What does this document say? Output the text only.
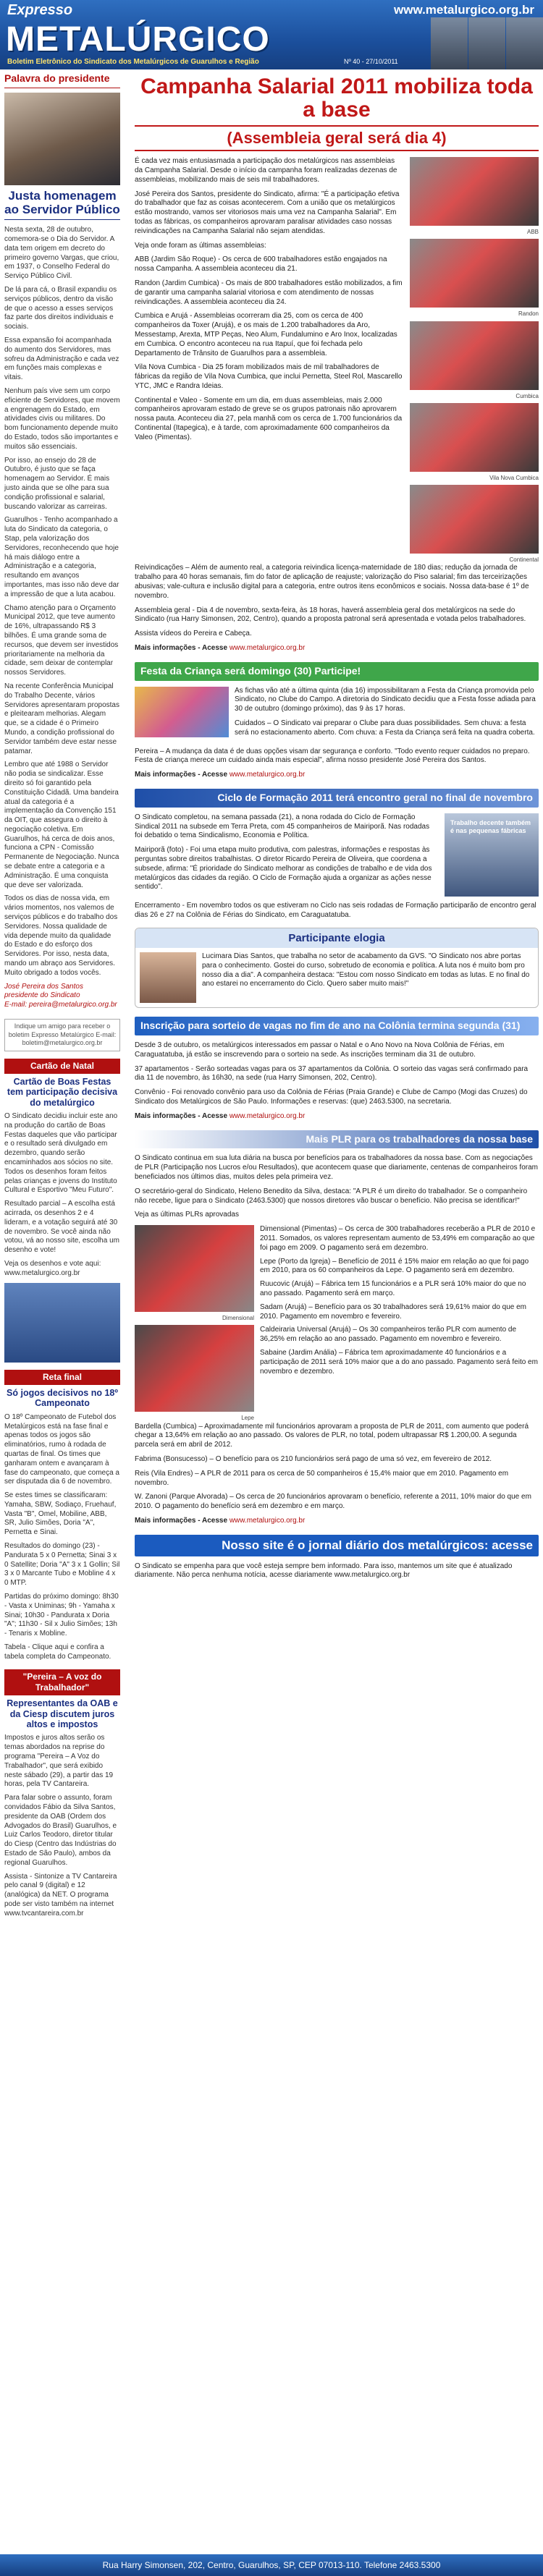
Expresso	www.metalurgico.org.br
METALÚRGICO
Boletim Eletrônico do Sindicato dos Metalúrgicos de Guarulhos e Região	Nº 40 - 27/10/2011
Palavra do presidente
Justa homenagem ao Servidor Público

Nesta sexta, 28 de outubro, comemora-se o Dia do Servidor. A data tem origem em decreto do primeiro governo Vargas, que criou, em 1937, o Conselho Federal do Serviço Público Civil.

De lá para cá, o Brasil expandiu os serviços públicos, dentro da visão de que o acesso a esses serviços faz parte dos direitos individuais e sociais.

Essa expansão foi acompanhada do aumento dos Servidores, mas sofreu da Administração e cada vez em funções mais complexas e vitais.

Nenhum país vive sem um corpo eficiente de Servidores, que movem a engrenagem do Estado, em atividades civis ou militares. Do bom funcionamento depende muito do Estado, todos são importantes e muitos são essenciais.

Por isso, ao ensejo do 28 de Outubro, é justo que se faça homenagem ao Servidor. É mais justo ainda que se olhe para sua condição profissional e salarial, buscando valorizar as carreiras.

Guarulhos - Tenho acompanhado a luta do Sindicato da categoria, o Stap, pela valorização dos Servidores, reconhecendo que hoje há mais diálogo entre a Administração e a categoria, resultando em avanços importantes, mas isso não deve dar a impressão de que a luta acabou.

Chamo atenção para o Orçamento Municipal 2012, que teve aumento de 16%, ultrapassando R$ 3 bilhões. É uma grande soma de recursos, que devem ser investidos prioritariamente na melhoria da cidade, sem deixar de contemplar nossos Servidores.

Na recente Conferência Municipal do Trabalho Decente, vários Servidores apresentaram propostas e pleitearam melhorias. Alegam que, se a cidade é o Primeiro Mundo, a condição profissional do Servidor também deve estar nesse patamar.

Lembro que até 1988 o Servidor não podia se sindicalizar. Esse direito só foi garantido pela Constituição Cidadã. Uma bandeira atual da categoria é a implementação da Convenção 151 da OIT, que assegura o direito à negociação coletiva. Em Guarulhos, há cerca de dois anos, funciona a CPN - Comissão Permanente de Negociação. Nunca se debate entre a categoria e a Administração. É uma conquista que deve ser valorizada.

Todos os dias de nossa vida, em vários momentos, nos valemos de serviços públicos e do trabalho dos Servidores. Nossa qualidade de vida depende muito da qualidade do Estado e do esforço dos Servidores. Por isso, nesta data, mando um abraço aos Servidores. Muito obrigado a todos vocês.

José Pereira dos Santos
presidente do Sindicato
E-mail: pereira@metalurgico.org.br
Indique um amigo para receber o boletim Expresso Metalúrgico E-mail: boletim@metalurgico.org.br
Cartão de Natal
Cartão de Boas Festas tem participação decisiva do metalúrgico

O Sindicato decidiu incluir este ano na produção do cartão de Boas Festas daqueles que vão participar e o resultado será divulgado em dezembro, quando serão encaminhados aos sócios no site. Todos os desenhos foram feitos pelas crianças e jovens do Instituto Cultural e Esportivo "Meu Futuro".

Resultado parcial – A escolha está acirrada, os desenhos 2 e 4 lideram, e a votação seguirá até 30 de novembro. Se você ainda não votou, vá ao nosso site, escolha um desenho e vote!

Veja os desenhos e vote aqui: www.metalurgico.org.br

Reta final
Só jogos decisivos no 18º Campeonato

O 18º Campeonato de Futebol dos Metalúrgicos está na fase final e apenas todos os jogos são eliminatórios, rumo à rodada de quartas de final. Os times que ganharam ontem e avançaram à fase do campeonato, que começa a ser disputada dia 6 de novembro.

Se estes times se classificaram: Yamaha, SBW, Sodiaço, Fruehauf, Vasta "B", Omel, Mobiline, ABB, SR, Julio Simões, Doria "A", Pernetta e Sinai.

Resultados do domingo (23) - Pandurata 5 x 0 Pernetta; Sinai 3 x 0 Satellite; Doria "A" 3 x 1 Gollin; Sil 3 x 0 Marcante Tubo e Mobline 4 x 0 MTP.

Partidas do próximo domingo: 8h30 - Vasta x Uniminas; 9h - Yamaha x Sinai; 10h30 - Pandurata x Doria "A"; 11h30 - Sil x Julio Simões; 13h - Tenaris x Mobline.

Tabela - Clique aqui e confira a tabela completa do Campeonato.

"Pereira – A voz do Trabalhador"
Representantes da OAB e da Ciesp discutem juros altos e impostos

Impostos e juros altos serão os temas abordados na reprise do programa "Pereira – A Voz do Trabalhador", que será exibido neste sábado (29), a partir das 19 horas, pela TV Cantareira.

Para falar sobre o assunto, foram convidados Fábio da Silva Santos, presidente da OAB (Ordem dos Advogados do Brasil) Guarulhos, e Luiz Carlos Teodoro, diretor titular do Ciesp (Centro das Indústrias do Estado de São Paulo), ambos da regional Guarulhos.

Assista - Sintonize a TV Cantareira pelo canal 9 (digital) e 12 (analógica) da NET. O programa pode ser visto também na internet www.tvcantareira.com.br

Campanha Salarial 2011 mobiliza toda a base
(Assembleia geral será dia 4)

É cada vez mais entusiasmada a participação dos metalúrgicos nas assembleias da Campanha Salarial. Desde o início da campanha foram realizadas dezenas de assembleias, mobilizando mais de seis mil trabalhadores.

José Pereira dos Santos, presidente do Sindicato, afirma: "É a participação efetiva do trabalhador que faz as coisas acontecerem. Com a união que os metalúrgicos estão mostrando, vamos ser vitoriosos mais uma vez na Campanha Salarial". Em todas as fábricas, os companheiros aprovaram paralisar atividades caso nossas reivindicações na Campanha Salarial não sejam atendidas.

Veja onde foram as últimas assembleias:

ABB (Jardim São Roque) - Os cerca de 600 trabalhadores estão engajados na nossa Campanha. A assembleia aconteceu dia 21.

Randon (Jardim Cumbica) - Os mais de 800 trabalhadores estão mobilizados, a fim de garantir uma campanha salarial vitoriosa e com atendimento de nossas reivindicações. A assembleia aconteceu dia 24.

Cumbica e Arujá - Assembleias ocorreram dia 25, com os cerca de 400 companheiros da Toxer (Arujá), e os mais de 1.200 trabalhadores da Aro, Messestamp, Arexta, MTP Peças, Neo Alum, Fundalumino e Aro Inox, localizadas em Cumbica. O encontro aconteceu na rua Itapuí, que foi fechada pelo Departamento de Trânsito de Guarulhos para a assembleia.

Vila Nova Cumbica - Dia 25 foram mobilizados mais de mil trabalhadores de fábricas da região de Vila Nova Cumbica, que inclui Pernetta, Steel Rol, Mascarello YTC, JMC e Randra Ideias.

Continental e Valeo - Somente em um dia, em duas assembleias, mais 2.000 companheiros aprovaram estado de greve se os grupos patronais não aprovarem nossa pauta. Aconteceu dia 27, pela manhã com os cerca de 1.700 funcionários da Continental (Itapegica), e à tarde, com aproximadamente 600 companheiros da Valeo (Pimentas).

ABB
Randon
Cumbica
Vila Nova Cumbica
Continental

Reivindicações – Além de aumento real, a categoria reivindica licença-maternidade de 180 dias; redução da jornada de trabalho para 40 horas semanais, fim do fator de aplicação de reajuste; valorização do Piso salarial; fim das terceirizações abusivas; vale-cultura e inclusão digital para a categoria, entre outros itens econômicos e sociais. Nossa data-base é 1º de novembro.

Assembleia geral - Dia 4 de novembro, sexta-feira, às 18 horas, haverá assembleia geral dos metalúrgicos na sede do Sindicato (rua Harry Simonsen, 202, Centro), quando a proposta patronal será apresentada e votada pelos trabalhadores.

Assista vídeos do Pereira e Cabeça.

Mais informações - Acesse www.metalurgico.org.br
Festa da Criança será domingo (30) Participe!

As fichas vão até a última quinta (dia 16) impossibilitaram a Festa da Criança promovida pelo Sindicato, no Clube do Campo. A diretoria do Sindicato decidiu que a Festa fosse adiada para 30 de outubro (domingo próximo), das 9 às 17 horas.

Cuidados – O Sindicato vai preparar o Clube para duas possibilidades. Sem chuva: a festa será no estacionamento aberto. Com chuva: a Festa da Criança será feita na quadra coberta.

Pereira – A mudança da data é de duas opções visam dar segurança e conforto. "Todo evento requer cuidados no preparo. Festa de criança merece um cuidado ainda mais especial", afirma nosso presidente José Pereira dos Santos.

Mais informações - Acesse www.metalurgico.org.br
Ciclo de Formação 2011 terá encontro geral no final de novembro

O Sindicato completou, na semana passada (21), a nona rodada do Ciclo de Formação Sindical 2011 na subsede em Terra Preta, com 45 companheiros de Mairiporã. Nas rodadas foi debatido o tema Sindicalismo, Economia e Política.

Mairiporã (foto) - Foi uma etapa muito produtiva, com palestras, informações e respostas às perguntas sobre direitos trabalhistas. O diretor Ricardo Pereira de Oliveira, que coordena a subsede, afirma: "É prioridade do Sindicato melhorar as condições de trabalho e de vida dos metalúrgicos das cidades da região. O Ciclo de Formação ajuda a organizar as ações nesse sentido".

Trabalho decente também é nas pequenas fábricas

Encerramento - Em novembro todos os que estiveram no Ciclo nas seis rodadas de Formação participarão de encontro geral dias 26 e 27 na Colônia de Férias do Sindicato, em Caraguatatuba.

Participante elogia
Lucimara Dias Santos, que trabalha no setor de acabamento da GVS. "O Sindicato nos abre portas para o conhecimento. Gostei do curso, sobretudo de economia e política. A luta nos é muito bom pro nosso dia a dia". A companheira destaca: "Estou com nosso Sindicato em todas as lutas. E no final do ano estarei no encerramento do Ciclo. Quero saber muito mais!"
Inscrição para sorteio de vagas no fim de ano na Colônia termina segunda (31)

Desde 3 de outubro, os metalúrgicos interessados em passar o Natal e o Ano Novo na Nova Colônia de Férias, em Caraguatatuba, já estão se inscrevendo para o sorteio na sede. As inscrições terminam dia 31 de outubro.

37 apartamentos - Serão sorteadas vagas para os 37 apartamentos da Colônia. O sorteio das vagas será confirmado para dia 11 de novembro, às 16h30, na sede (rua Harry Simonsen, 202, Centro).

Convênio - Foi renovado convênio para uso da Colônia de Férias (Praia Grande) e Clube de Campo (Mogi das Cruzes) do Sindicato dos Metalúrgicos de São Paulo. Informações e reservas: (que) 2463.5300, na secretaria.

Mais informações - Acesse www.metalurgico.org.br
Mais PLR para os trabalhadores da nossa base

O Sindicato continua em sua luta diária na busca por benefícios para os trabalhadores da nossa base. Com as negociações de PLR (Participação nos Lucros e/ou Resultados), que acontecem quase que diariamente, centenas de companheiros foram beneficiados nos últimos dias, muitos deles pela primeira vez.

O secretário-geral do Sindicato, Heleno Benedito da Silva, destaca: "A PLR é um direito do trabalhador. Se o companheiro não recebe, ligue para o Sindicato (2463.5300) que nossos diretores vão buscar o benefício. Não precisa se identificar!"

Veja as últimas PLRs aprovadas

Dimensional
Lepe

Dimensional (Pimentas) – Os cerca de 300 trabalhadores receberão a PLR de 2010 e 2011. Somados, os valores representam aumento de 53,49% em comparação ao que foi pago em 2009. O pagamento será em dezembro.

Lepe (Porto da Igreja) – Benefício de 2011 é 15% maior em relação ao que foi pago em 2010, para os 60 companheiros da Lepe. O pagamento será em dezembro.

Ruucovic (Arujá) – Fábrica tem 15 funcionários e a PLR será 10% maior do que no ano passado. Pagamento será em março.

Sadam (Arujá) – Benefício para os 30 trabalhadores será 19,61% maior do que em 2010. Pagamento em novembro e fevereiro.

Caldeiraria Universal (Arujá) – Os 30 companheiros terão PLR com aumento de 36,25% em relação ao ano passado. Pagamento em novembro e fevereiro.

Sabaine (Jardim Anália) – Fábrica tem aproximadamente 40 funcionários e a participação de 2011 será 10% maior que a do ano passado. Pagamento será feito em novembro e dezembro.

Bardella (Cumbica) – Aproximadamente mil funcionários aprovaram a proposta de PLR de 2011, com aumento que poderá chegar a 13,64% em relação ao ano passado. Os valores de PLR, no total, podem ultrapassar R$ 1.200,00. A segunda parcela será em abril de 2012.

Fabrima (Bonsucesso) – O benefício para os 210 funcionários será pago de uma só vez, em fevereiro de 2012.

Reis (Vila Endres) – A PLR de 2011 para os cerca de 50 companheiros é 15,4% maior que em 2010. Pagamento em novembro.

W. Zanoni (Parque Alvorada) – Os cerca de 20 funcionários aprovaram o benefício, referente a 2011, 10% maior do que em 2010. O pagamento do benefício será em dezembro e em março.

Mais informações - Acesse www.metalurgico.org.br
Nosso site é o jornal diário dos metalúrgicos: acesse

O Sindicato se empenha para que você esteja sempre bem informado. Para isso, mantemos um site que é atualizado diariamente. Não perca nenhuma notícia, acesse diariamente www.metalurgico.org.br

Rua Harry Simonsen, 202, Centro, Guarulhos, SP, CEP 07013-110. Telefone 2463.5300
